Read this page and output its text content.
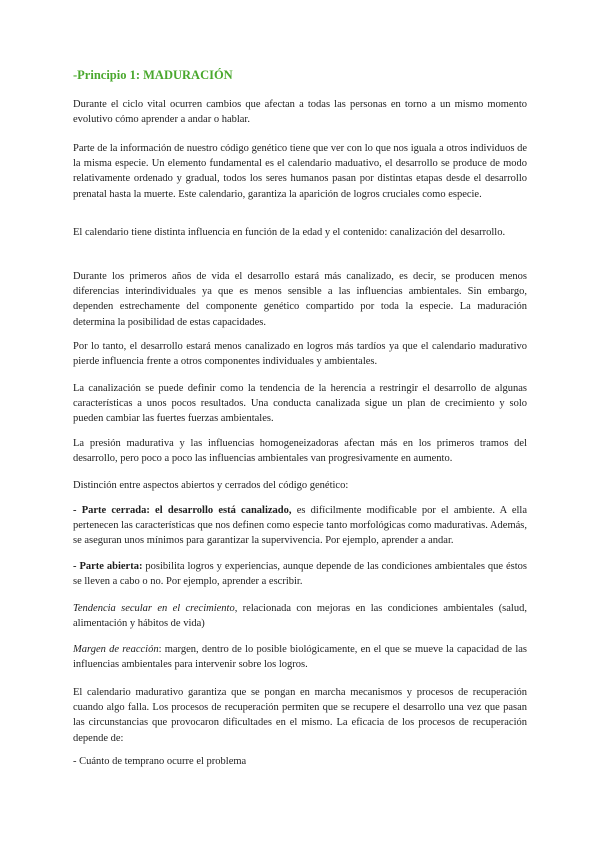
-Principio 1: MADURACIÓN

Durante el ciclo vital ocurren cambios que afectan a todas las personas en torno a un mismo momento evolutivo cómo aprender a andar o hablar.

Parte de la información de nuestro código genético tiene que ver con lo que nos iguala a otros individuos de la misma especie. Un elemento fundamental es el calendario maduativo, el desarrollo se produce de modo relativamente ordenado y gradual, todos los seres humanos pasan por distintas etapas desde el desarrollo prenatal hasta la muerte. Este calendario, garantiza la aparición de logros cruciales como especie.

El calendario tiene distinta influencia en función de la edad y el contenido: canalización del desarrollo.

Durante los primeros años de vida el desarrollo estará más canalizado, es decir, se producen menos diferencias interindividuales ya que es menos sensible a las influencias ambientales. Sin embargo, dependen estrechamente del componente genético compartido por toda la especie. La maduración determina la posibilidad de estas capacidades.

Por lo tanto, el desarrollo estará menos canalizado en logros más tardíos ya que el calendario madurativo pierde influencia frente a otros componentes individuales y ambientales.

La canalización se puede definir como la tendencia de la herencia a restringir el desarrollo de algunas características a unos pocos resultados. Una conducta canalizada sigue un plan de crecimiento y solo pueden cambiar las fuertes fuerzas ambientales.

La presión madurativa y las influencias homogeneizadoras afectan más en los primeros tramos del desarrollo, pero poco a poco las influencias ambientales van progresivamente en aumento.

Distinción entre aspectos abiertos y cerrados del código genético:

- Parte cerrada: el desarrollo está canalizado, es difícilmente modificable por el ambiente. A ella pertenecen las características que nos definen como especie tanto morfológicas como madurativas. Además, se aseguran unos mínimos para garantizar la supervivencia. Por ejemplo, aprender a andar.

- Parte abierta: posibilita logros y experiencias, aunque depende de las condiciones ambientales que éstos se lleven a cabo o no. Por ejemplo, aprender a escribir.

Tendencia secular en el crecimiento, relacionada con mejoras en las condiciones ambientales (salud, alimentación y hábitos de vida)

Margen de reacción: margen, dentro de lo posible biológicamente, en el que se mueve la capacidad de las influencias ambientales para intervenir sobre los logros.

El calendario madurativo garantiza que se pongan en marcha mecanismos y procesos de recuperación cuando algo falla. Los procesos de recuperación permiten que se recupere el desarrollo una vez que pasan las circunstancias que provocaron dificultades en el mismo. La eficacia de los procesos de recuperación depende de:

- Cuánto de temprano ocurre el problema
